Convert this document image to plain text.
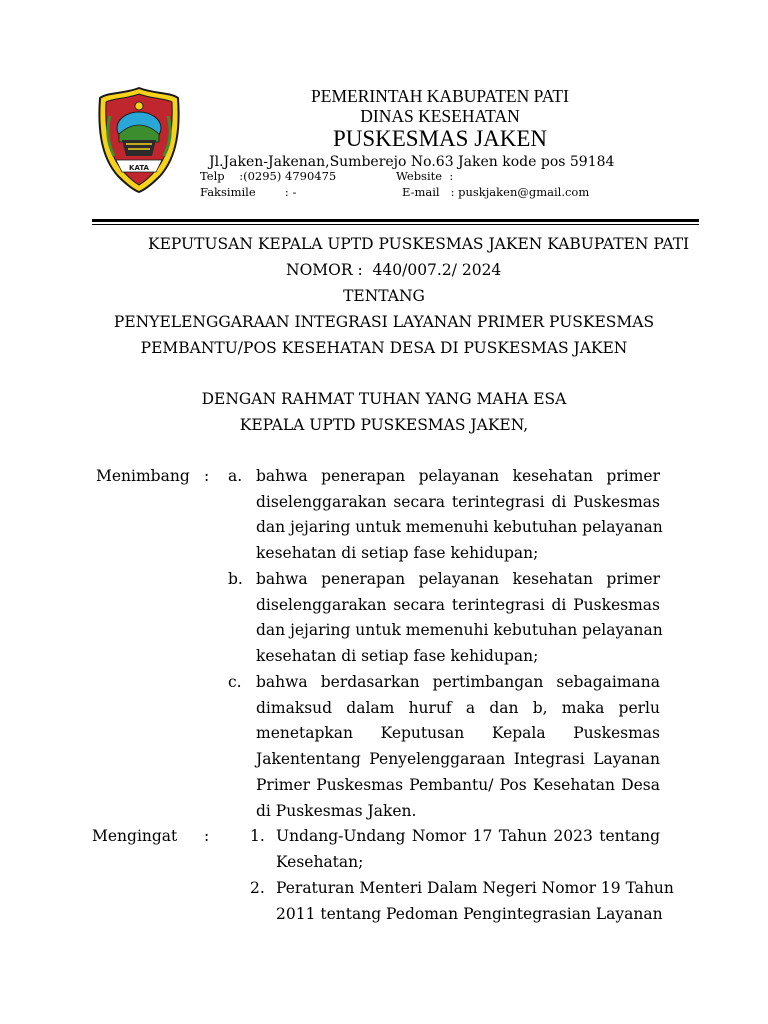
KATA
PEMERINTAH KABUPATEN PATI
DINAS KESEHATAN
PUSKESMAS JAKEN
Jl.Jaken-Jakenan,Sumberejo No.63 Jaken kode pos 59184
Telp    :(0295) 4790475	Website  :
Faksimile        : -	E-mail   : puskjaken@gmail.com
KEPUTUSAN KEPALA UPTD PUSKESMAS JAKEN KABUPATEN PATI
NOMOR :  440/007.2/ 2024
TENTANG
PENYELENGGARAAN INTEGRASI LAYANAN PRIMER PUSKESMAS
PEMBANTU/POS KESEHATAN DESA DI PUSKESMAS JAKEN
DENGAN RAHMAT TUHAN YANG MAHA ESA
KEPALA UPTD PUSKESMAS JAKEN,
Menimbang : a. bahwa penerapan pelayanan kesehatan primer
diselenggarakan secara terintegrasi di Puskesmas
dan jejaring untuk memenuhi kebutuhan pelayanan
kesehatan di setiap fase kehidupan;
b. bahwa penerapan pelayanan kesehatan primer
diselenggarakan secara terintegrasi di Puskesmas
dan jejaring untuk memenuhi kebutuhan pelayanan
kesehatan di setiap fase kehidupan;
c. bahwa berdasarkan pertimbangan sebagaimana
dimaksud dalam huruf a dan b, maka perlu
menetapkan Keputusan Kepala Puskesmas
Jakententang Penyelenggaraan Integrasi Layanan
Primer Puskesmas Pembantu/ Pos Kesehatan Desa
di Puskesmas Jaken.
Mengingat :	1. Undang-Undang Nomor 17 Tahun 2023 tentang
Kesehatan;
2. Peraturan Menteri Dalam Negeri Nomor 19 Tahun
2011 tentang Pedoman Pengintegrasian Layanan
